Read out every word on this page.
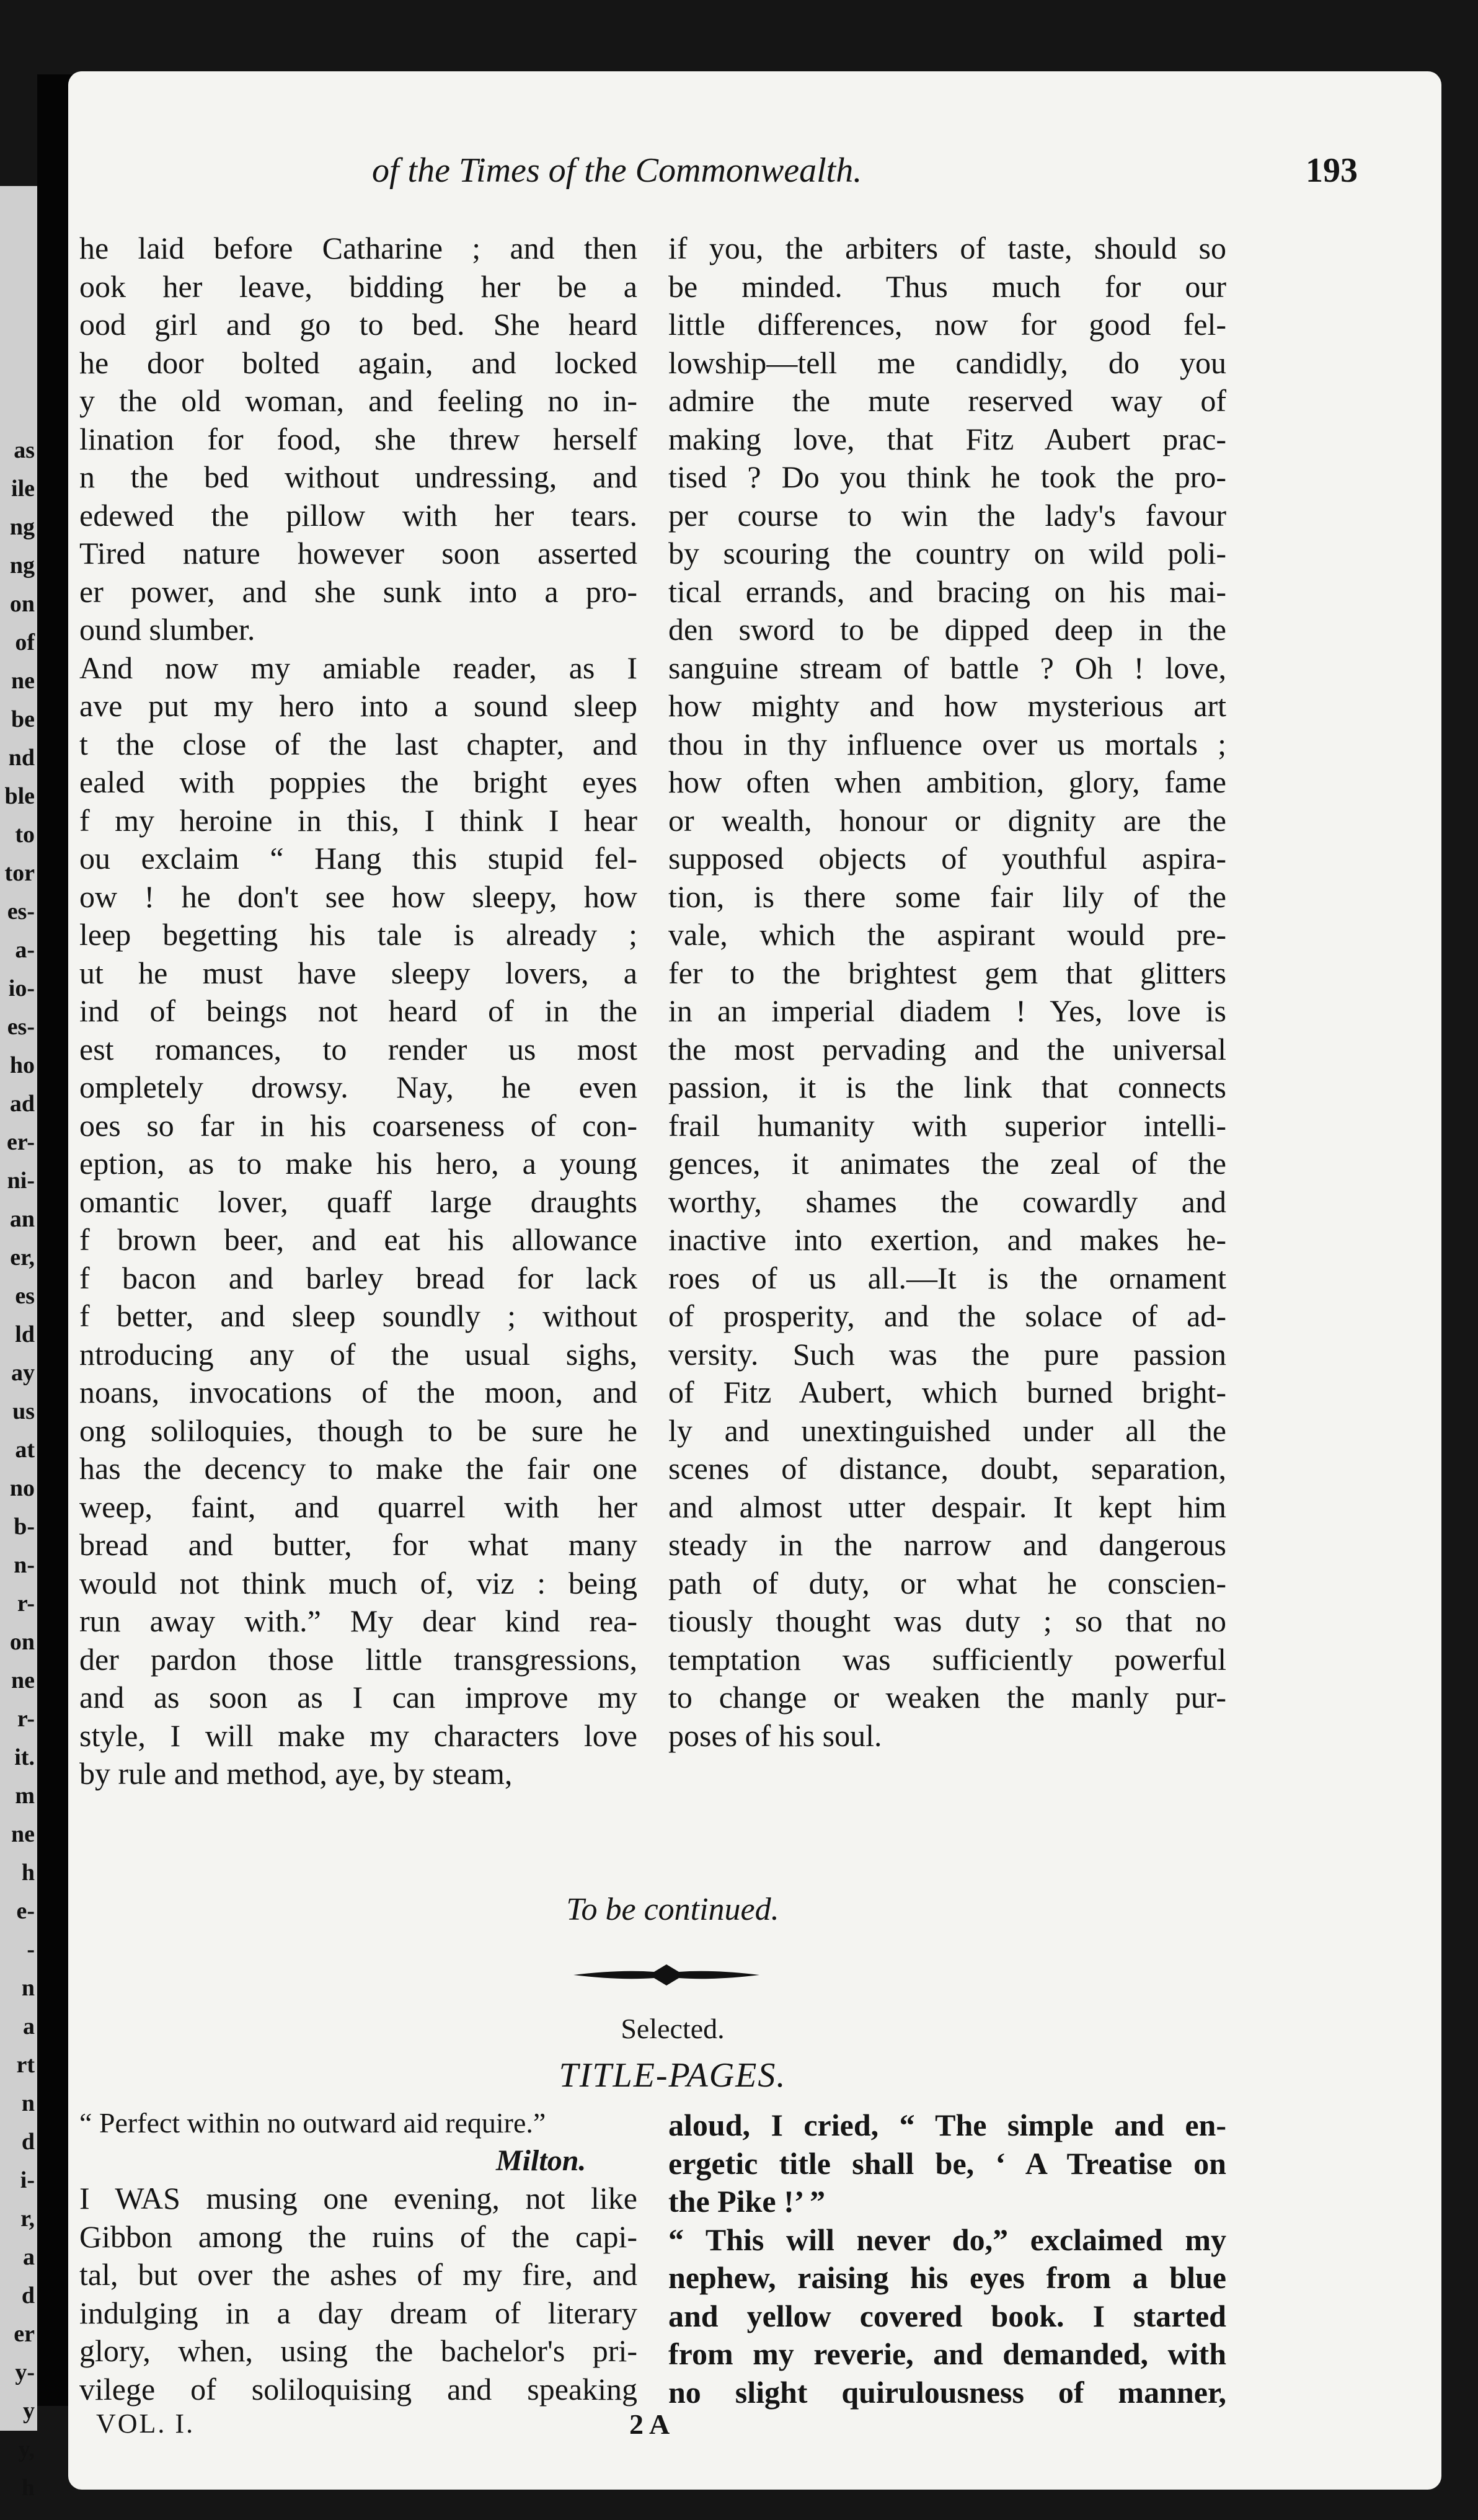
as
ile
ng
ng
on
of
ne
be
nd
ble
to
tor
es-
a-
io-
es-
ho
ad
er-
ni-
an
er,
es
ld
ay
us
at
no
b-
n-
r-
on
ne
r-
it.
m
ne
h
e-
-
n
a
rt
n
d
i-
r,
a
d
er
y-
y
y,
h
of the Times of the Commonwealth.	193
he laid before Catharine ; and then
ook her leave, bidding her be a
ood girl and go to bed. She heard
he door bolted again, and locked
y the old woman, and feeling no in-
lination for food, she threw herself
n the bed without undressing, and
edewed the pillow with her tears.
Tired nature however soon asserted
er power, and she sunk into a pro-
ound slumber.
And now my amiable reader, as I
ave put my hero into a sound sleep
t the close of the last chapter, and
ealed with poppies the bright eyes
f my heroine in this, I think I hear
ou exclaim “ Hang this stupid fel-
ow ! he don't see how sleepy, how
leep begetting his tale is already ;
ut he must have sleepy lovers, a
ind of beings not heard of in the
est romances, to render us most
ompletely drowsy. Nay, he even
oes so far in his coarseness of con-
eption, as to make his hero, a young
omantic lover, quaff large draughts
f brown beer, and eat his allowance
f bacon and barley bread for lack
f better, and sleep soundly ; without
ntroducing any of the usual sighs,
noans, invocations of the moon, and
ong soliloquies, though to be sure he
has the decency to make the fair one
weep, faint, and quarrel with her
bread and butter, for what many
would not think much of, viz : being
run away with.” My dear kind rea-
der pardon those little transgressions,
and as soon as I can improve my
style, I will make my characters love
by rule and method, aye, by steam,
if you, the arbiters of taste, should so
be minded. Thus much for our
little differences, now for good fel-
lowship—tell me candidly, do you
admire the mute reserved way of
making love, that Fitz Aubert prac-
tised ? Do you think he took the pro-
per course to win the lady's favour
by scouring the country on wild poli-
tical errands, and bracing on his mai-
den sword to be dipped deep in the
sanguine stream of battle ? Oh ! love,
how mighty and how mysterious art
thou in thy influence over us mortals ;
how often when ambition, glory, fame
or wealth, honour or dignity are the
supposed objects of youthful aspira-
tion, is there some fair lily of the
vale, which the aspirant would pre-
fer to the brightest gem that glitters
in an imperial diadem ! Yes, love is
the most pervading and the universal
passion, it is the link that connects
frail humanity with superior intelli-
gences, it animates the zeal of the
worthy, shames the cowardly and
inactive into exertion, and makes he-
roes of us all.—It is the ornament
of prosperity, and the solace of ad-
versity. Such was the pure passion
of Fitz Aubert, which burned bright-
ly and unextinguished under all the
scenes of distance, doubt, separation,
and almost utter despair. It kept him
steady in the narrow and dangerous
path of duty, or what he conscien-
tiously thought was duty ; so that no
temptation was sufficiently powerful
to change or weaken the manly pur-
poses of his soul.
To be continued.
Selected.
TITLE-PAGES.
“ Perfect within no outward aid require.”
Milton.
I WAS musing one evening, not like
Gibbon among the ruins of the capi-
tal, but over the ashes of my fire, and
indulging in a day dream of literary
glory, when, using the bachelor's pri-
vilege of soliloquising and speaking
aloud, I cried, “ The simple and en-
ergetic title shall be, ‘ A Treatise on
the Pike !’ ”
“ This will never do,” exclaimed my
nephew, raising his eyes from a blue
and yellow covered book. I started
from my reverie, and demanded, with
no slight quirulousness of manner,
VOL. I.	2 A
